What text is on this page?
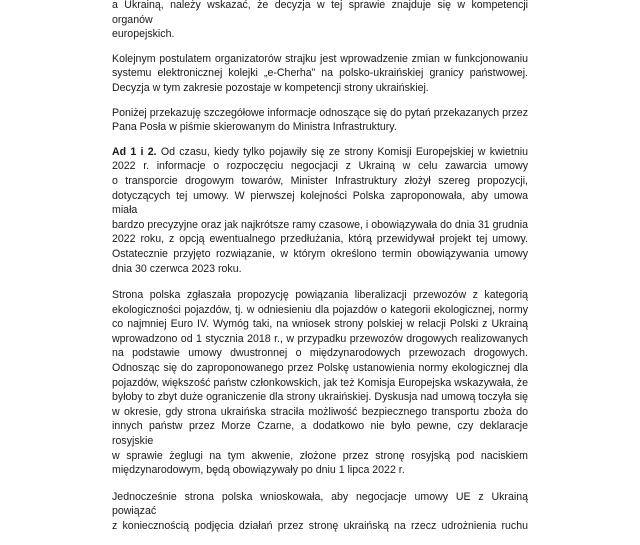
a Ukrainą, należy wskazać, że decyzja w tej sprawie znajduje się w kompetencji organów
europejskich.
Kolejnym postulatem organizatorów strajku jest wprowadzenie zmian w funkcjonowaniu
systemu elektronicznej kolejki „e-Cherha” na polsko-ukraińskiej granicy państwowej.
Decyzja w tym zakresie pozostaje w kompetencji strony ukraińskiej.
Poniżej przekazuję szczegółowe informacje odnoszące się do pytań przekazanych przez
Pana Posła w piśmie skierowanym do Ministra Infrastruktury.
Ad 1 i 2. Od czasu, kiedy tylko pojawiły się ze strony Komisji Europejskiej w kwietniu
2022 r. informacje o rozpoczęciu negocjacji z Ukrainą w celu zawarcia umowy
o transporcie drogowym towarów, Minister Infrastruktury złożył szereg propozycji,
dotyczących tej umowy. W pierwszej kolejności Polska zaproponowała, aby umowa miała
bardzo precyzyjne oraz jak najkrótsze ramy czasowe, i obowiązywała do dnia 31 grudnia
2022 roku, z opcją ewentualnego przedłużania, którą przewidywał projekt tej umowy.
Ostatecznie przyjęto rozwiązanie, w którym określono termin obowiązywania umowy
dnia 30 czerwca 2023 roku.
Strona polska zgłaszała propozycję powiązania liberalizacji przewozów z kategorią
ekologiczności pojazdów, tj. w odniesieniu dla pojazdów o kategorii ekologicznej, normy
co najmniej Euro IV. Wymóg taki, na wniosek strony polskiej w relacji Polski z Ukrainą
wprowadzono od 1 stycznia 2018 r., w przypadku przewozów drogowych realizowanych
na podstawie umowy dwustronnej o międzynarodowych przewozach drogowych.
Odnosząc się do zaproponowanego przez Polskę ustanowienia normy ekologicznej dla
pojazdów, większość państw członkowskich, jak też Komisja Europejska wskazywała, że
byłoby to zbyt duże ograniczenie dla strony ukraińskiej. Dyskusja nad umową toczyła się
w okresie, gdy strona ukraińska straciła możliwość bezpiecznego transportu zboża do
innych państw przez Morze Czarne, a dodatkowo nie było pewne, czy deklaracje rosyjskie
w sprawie żeglugi na tym akwenie, złożone przez stronę rosyjską pod naciskiem
międzynarodowym, będą obowiązywały po dniu 1 lipca 2022 r.
Jednocześnie strona polska wnioskowała, aby negocjacje umowy UE z Ukrainą powiązać
z koniecznością podjęcia działań przez stronę ukraińską na rzecz udrożnienia ruchu
